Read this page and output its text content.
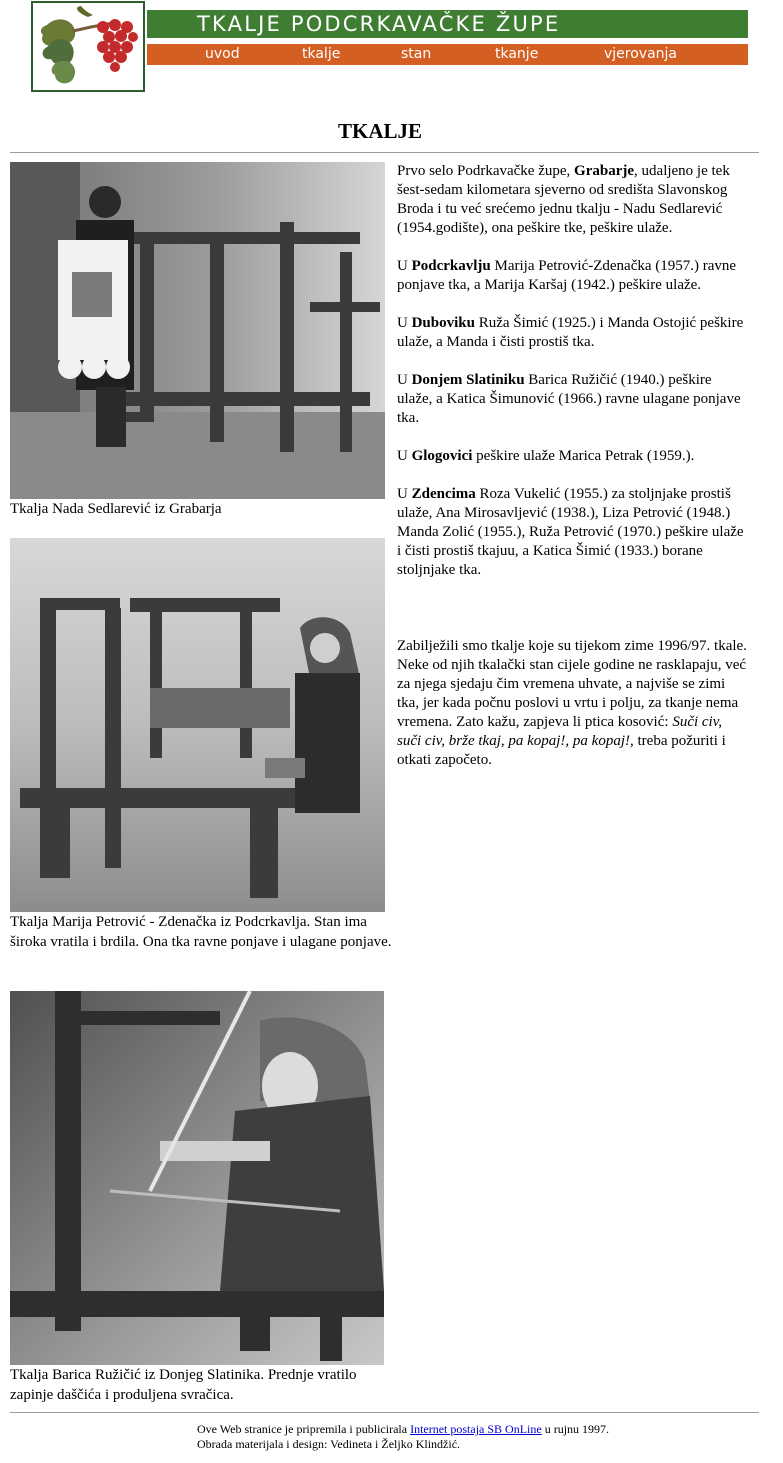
TKALJE PODCRKAVAČKE ŽUPE
uvod	tkalje	stan	tkanje	vjerovanja
TKALJE

Tkalja Nada Sedlarević iz Grabarja

Tkalja Marija Petrović - Zdenačka iz Podcrkavlja. Stan ima široka vratila i brdila. Ona tka ravne ponjave i ulagane ponjave.

Tkalja Barica Ružičić iz Donjeg Slatinika. Prednje vratilo zapinje daščića i produljena svračica.

Prvo selo Podrkavačke župe, Grabarje, udaljeno je tek šest-sedam kilometara sjeverno od središta Slavonskog Broda i tu već srećemo jednu tkalju - Nadu Sedlarević (1954.godište), ona peškire tke, peškire ulaže.

U Podcrkavlju Marija Petrović-Zdenačka (1957.) ravne ponjave tka, a Marija Karšaj (1942.) peškire ulaže.

U Duboviku Ruža Šimić (1925.) i Manda Ostojić peškire ulaže, a Manda i čisti prostiš tka.

U Donjem Slatiniku Barica Ružičić (1940.) peškire ulaže, a Katica Šimunović (1966.) ravne ulagane ponjave tka.

U Glogovici peškire ulaže Marica Petrak (1959.).

U Zdencima Roza Vukelić (1955.) za stoljnjake prostiš ulaže, Ana Mirosavljević (1938.), Liza Petrović (1948.) Manda Zolić (1955.), Ruža Petrović (1970.) peškire ulaže i čisti prostiš tkajuu, a Katica Šimić (1933.) borane stoljnjake tka.

Zabilježili smo tkalje koje su tijekom zime 1996/97. tkale. Neke od njih tkalački stan cijele godine ne rasklapaju, već za njega sjedaju čim vremena uhvate, a najviše se zimi tka, jer kada počnu poslovi u vrtu i polju, za tkanje nema vremena. Zato kažu, zapjeva li ptica kosović: Suči civ, suči civ, brže tkaj, pa kopaj!, pa kopaj!, treba požuriti i otkati započeto.

Ove Web stranice je pripremila i publicirala Internet postaja SB OnLine u rujnu 1997.
Obrada materijala i design: Vedineta i Željko Klindžić.
